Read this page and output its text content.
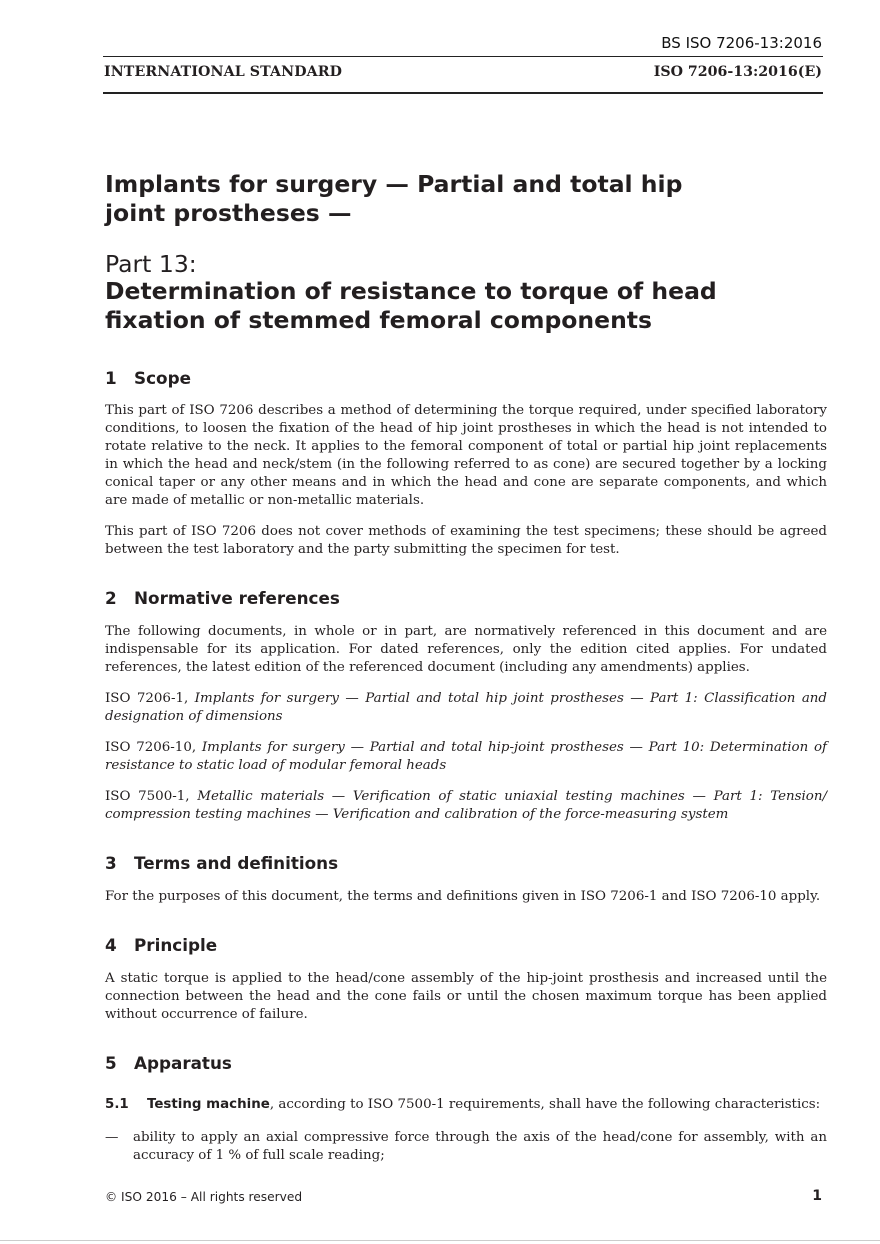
BS ISO 7206-13:2016
INTERNATIONAL STANDARD	ISO 7206-13:2016(E)
Implants for surgery — Partial and total hip joint prostheses —
Part 13:
Determination of resistance to torque of head fixation of stemmed femoral components
1 Scope

This part of ISO 7206 describes a method of determining the torque required, under specified laboratory conditions, to loosen the fixation of the head of hip joint prostheses in which the head is not intended to rotate relative to the neck. It applies to the femoral component of total or partial hip joint replacements in which the head and neck/stem (in the following referred to as cone) are secured together by a locking conical taper or any other means and in which the head and cone are separate components, and which are made of metallic or non-metallic materials.

This part of ISO 7206 does not cover methods of examining the test specimens; these should be agreed between the test laboratory and the party submitting the specimen for test.

2 Normative references

The following documents, in whole or in part, are normatively referenced in this document and are indispensable for its application. For dated references, only the edition cited applies. For undated references, the latest edition of the referenced document (including any amendments) applies.

ISO 7206-1, Implants for surgery — Partial and total hip joint prostheses — Part 1: Classification and designation of dimensions

ISO 7206-10, Implants for surgery — Partial and total hip-joint prostheses — Part 10: Determination of resistance to static load of modular femoral heads

ISO 7500-1, Metallic materials — Verification of static uniaxial testing machines — Part 1: Tension/ compression testing machines — Verification and calibration of the force-measuring system

3 Terms and definitions

For the purposes of this document, the terms and definitions given in ISO 7206-1 and ISO 7206-10 apply.

4 Principle

A static torque is applied to the head/cone assembly of the hip-joint prosthesis and increased until the connection between the head and the cone fails or until the chosen maximum torque has been applied without occurrence of failure.

5 Apparatus
5.1 Testing machine, according to ISO 7500-1 requirements, shall have the following characteristics:
— ability to apply an axial compressive force through the axis of the head/cone for assembly, with an accuracy of 1 % of full scale reading;
© ISO 2016 – All rights reserved	1
